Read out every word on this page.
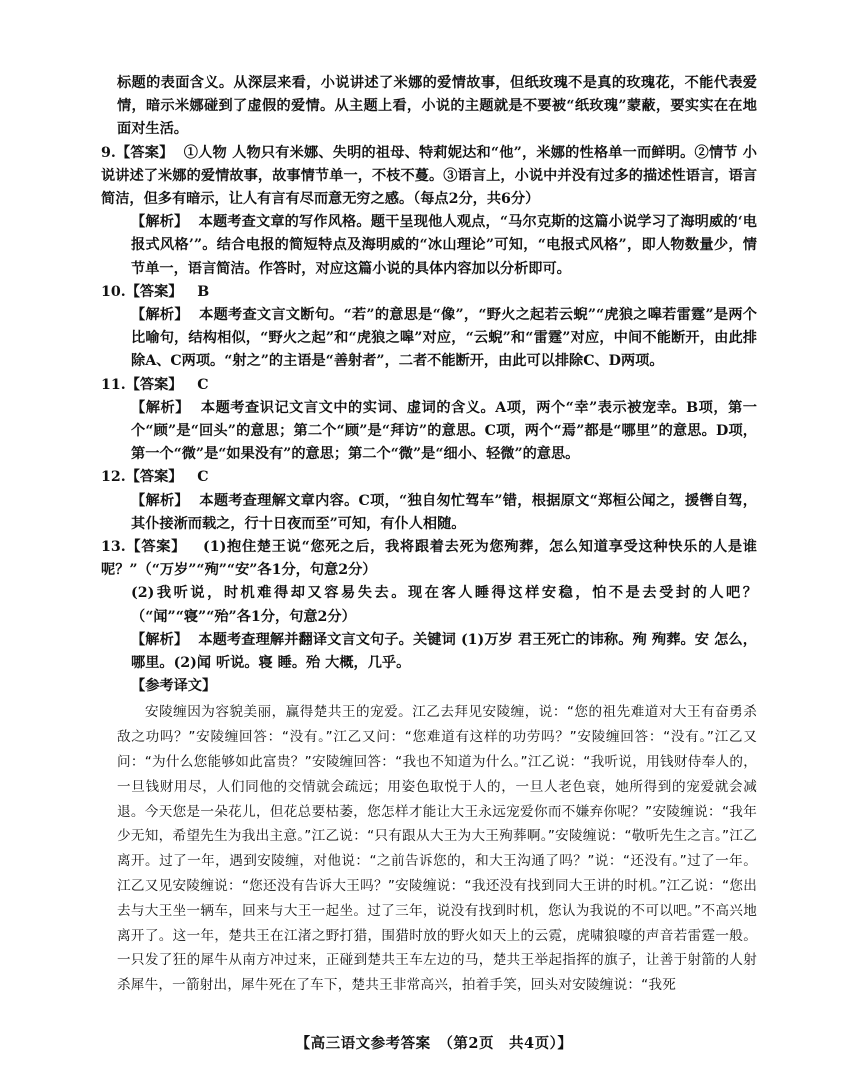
标题的表面含义。从深层来看，小说讲述了米娜的爱情故事，但纸玫瑰不是真的玫瑰花，不能代表爱情，暗示米娜碰到了虚假的爱情。从主题上看，小说的主题就是不要被“纸玫瑰”蒙蔽，要实实在在地面对生活。

9.【答案】 ①人物 人物只有米娜、失明的祖母、特莉妮达和“他”，米娜的性格单一而鲜明。②情节 小说讲述了米娜的爱情故事，故事情节单一，不枝不蔓。③语言上，小说中并没有过多的描述性语言，语言简洁，但多有暗示，让人有言有尽而意无穷之感。（每点2分，共6分）

【解析】 本题考查文章的写作风格。题干呈现他人观点，“马尔克斯的这篇小说学习了海明威的‘电报式风格’”。结合电报的简短特点及海明威的“冰山理论”可知，“电报式风格”，即人物数量少，情节单一，语言简洁。作答时，对应这篇小说的具体内容加以分析即可。

10.【答案】 B

【解析】 本题考查文言文断句。“若”的意思是“像”，“野火之起若云蜺”“虎狼之嗥若雷霆”是两个比喻句，结构相似，“野火之起”和“虎狼之嗥”对应，“云蜺”和“雷霆”对应，中间不能断开，由此排除A、C两项。“射之”的主语是“善射者”，二者不能断开，由此可以排除C、D两项。

11.【答案】 C

【解析】 本题考查识记文言文中的实词、虚词的含义。A项，两个“幸”表示被宠幸。B项，第一个“顾”是“回头”的意思；第二个“顾”是“拜访”的意思。C项，两个“焉”都是“哪里”的意思。D项，第一个“微”是“如果没有”的意思；第二个“微”是“细小、轻微”的意思。

12.【答案】 C

【解析】 本题考查理解文章内容。C项，“独自匆忙驾车”错，根据原文“郑桓公闻之，援辔自驾，其仆接淅而载之，行十日夜而至”可知，有仆人相随。

13.【答案】 (1)抱住楚王说“您死之后，我将跟着去死为您殉葬，怎么知道享受这种快乐的人是谁呢？”（“万岁”“殉”“安”各1分，句意2分）

(2)我听说，时机难得却又容易失去。现在客人睡得这样安稳，怕不是去受封的人吧？（“闻”“寝”“殆”各1分，句意2分）

【解析】 本题考查理解并翻译文言文句子。关键词 (1)万岁 君王死亡的讳称。殉 殉葬。安 怎么，哪里。(2)闻 听说。寝 睡。殆 大概，几乎。

【参考译文】

安陵缠因为容貌美丽，赢得楚共王的宠爱。江乙去拜见安陵缠，说：“您的祖先难道对大王有奋勇杀敌之功吗？”安陵缠回答：“没有。”江乙又问：“您难道有这样的功劳吗？”安陵缠回答：“没有。”江乙又问：“为什么您能够如此富贵？”安陵缠回答：“我也不知道为什么。”江乙说：“我听说，用钱财侍奉人的，一旦钱财用尽，人们同他的交情就会疏远；用姿色取悦于人的，一旦人老色衰，她所得到的宠爱就会减退。今天您是一朵花儿，但花总要枯萎，您怎样才能让大王永远宠爱你而不嫌弃你呢？”安陵缠说：“我年少无知，希望先生为我出主意。”江乙说：“只有跟从大王为大王殉葬啊。”安陵缠说：“敬听先生之言。”江乙离开。过了一年，遇到安陵缠，对他说：“之前告诉您的，和大王沟通了吗？”说：“还没有。”过了一年。江乙又见安陵缠说：“您还没有告诉大王吗？”安陵缠说：“我还没有找到同大王讲的时机。”江乙说：“您出去与大王坐一辆车，回来与大王一起坐。过了三年，说没有找到时机，您认为我说的不可以吧。”不高兴地离开了。这一年，楚共王在江渚之野打猎，围猎时放的野火如天上的云霓，虎啸狼嚎的声音若雷霆一般。一只发了狂的犀牛从南方冲过来，正碰到楚共王车左边的马，楚共王举起指挥的旗子，让善于射箭的人射杀犀牛，一箭射出，犀牛死在了车下，楚共王非常高兴，拍着手笑，回头对安陵缠说：“我死

【高三语文参考答案　（第2页　共4页）】
